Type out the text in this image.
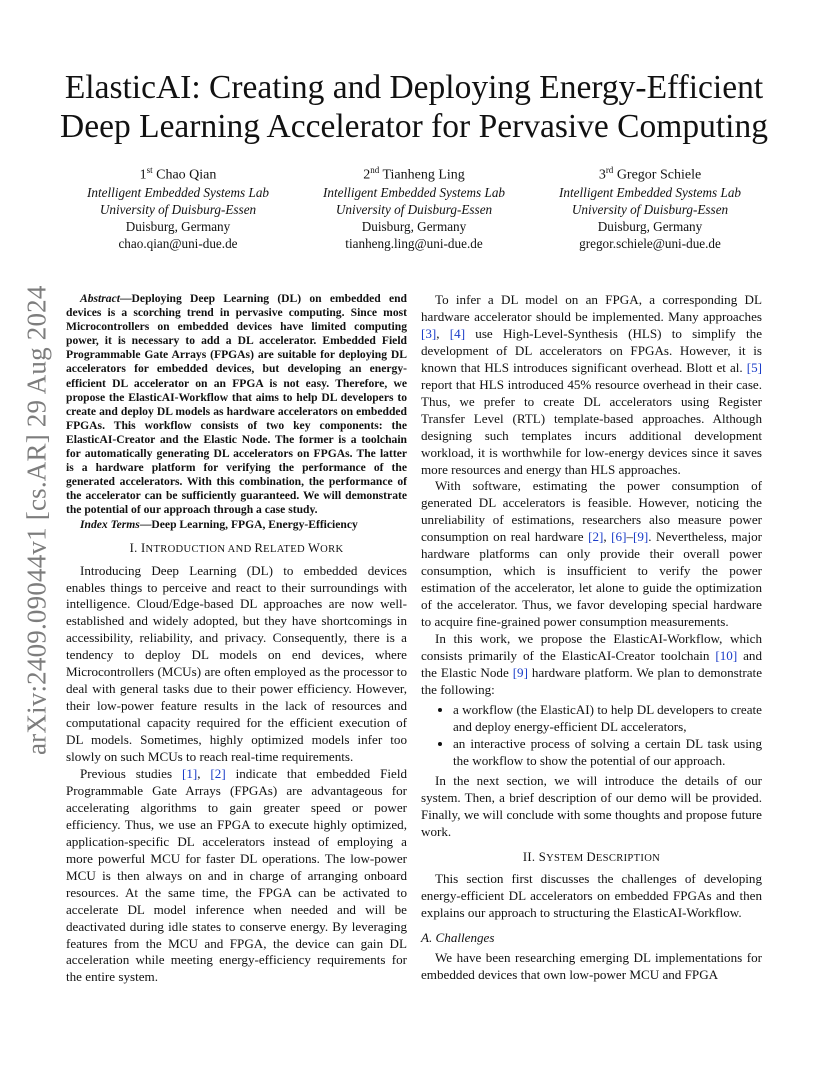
arXiv:2409.09044v1 [cs.AR] 29 Aug 2024
ElasticAI: Creating and Deploying Energy-Efficient Deep Learning Accelerator for Pervasive Computing
1st Chao Qian
Intelligent Embedded Systems Lab
University of Duisburg-Essen
Duisburg, Germany
chao.qian@uni-due.de
2nd Tianheng Ling
Intelligent Embedded Systems Lab
University of Duisburg-Essen
Duisburg, Germany
tianheng.ling@uni-due.de
3rd Gregor Schiele
Intelligent Embedded Systems Lab
University of Duisburg-Essen
Duisburg, Germany
gregor.schiele@uni-due.de

Abstract—Deploying Deep Learning (DL) on embedded end devices is a scorching trend in pervasive computing. Since most Microcontrollers on embedded devices have limited computing power, it is necessary to add a DL accelerator. Embedded Field Programmable Gate Arrays (FPGAs) are suitable for deploying DL accelerators for embedded devices, but developing an energy-efficient DL accelerator on an FPGA is not easy. Therefore, we propose the ElasticAI-Workflow that aims to help DL developers to create and deploy DL models as hardware accelerators on embedded FPGAs. This workflow consists of two key components: the ElasticAI-Creator and the Elastic Node. The former is a toolchain for automatically generating DL accelerators on FPGAs. The latter is a hardware platform for verifying the performance of the generated accelerators. With this combination, the performance of the accelerator can be sufficiently guaranteed. We will demonstrate the potential of our approach through a case study.

Index Terms—Deep Learning, FPGA, Energy-Efficiency

I. INTRODUCTION AND RELATED WORK

Introducing Deep Learning (DL) to embedded devices enables things to perceive and react to their surroundings with intelligence. Cloud/Edge-based DL approaches are now well-established and widely adopted, but they have shortcomings in accessibility, reliability, and privacy. Consequently, there is a tendency to deploy DL models on end devices, where Microcontrollers (MCUs) are often employed as the processor to deal with general tasks due to their power efficiency. However, their low-power feature results in the lack of resources and computational capacity required for the efficient execution of DL models. Sometimes, highly optimized models infer too slowly on such MCUs to reach real-time requirements.

Previous studies [1], [2] indicate that embedded Field Programmable Gate Arrays (FPGAs) are advantageous for accelerating algorithms to gain greater speed or power efficiency. Thus, we use an FPGA to execute highly optimized, application-specific DL accelerators instead of employing a more powerful MCU for faster DL operations. The low-power MCU is then always on and in charge of arranging onboard resources. At the same time, the FPGA can be activated to accelerate DL model inference when needed and will be deactivated during idle states to conserve energy. By leveraging features from the MCU and FPGA, the device can gain DL acceleration while meeting energy-efficiency requirements for the entire system.

To infer a DL model on an FPGA, a corresponding DL hardware accelerator should be implemented. Many approaches [3], [4] use High-Level-Synthesis (HLS) to simplify the development of DL accelerators on FPGAs. However, it is known that HLS introduces significant overhead. Blott et al. [5] report that HLS introduced 45% resource overhead in their case. Thus, we prefer to create DL accelerators using Register Transfer Level (RTL) template-based approaches. Although designing such templates incurs additional development workload, it is worthwhile for low-energy devices since it saves more resources and energy than HLS approaches.

With software, estimating the power consumption of generated DL accelerators is feasible. However, noticing the unreliability of estimations, researchers also measure power consumption on real hardware [2], [6]–[9]. Nevertheless, major hardware platforms can only provide their overall power consumption, which is insufficient to verify the power estimation of the accelerator, let alone to guide the optimization of the accelerator. Thus, we favor developing special hardware to acquire fine-grained power consumption measurements.

In this work, we propose the ElasticAI-Workflow, which consists primarily of the ElasticAI-Creator toolchain [10] and the Elastic Node [9] hardware platform. We plan to demonstrate the following:

• a workflow (the ElasticAI) to help DL developers to create and deploy energy-efficient DL accelerators,
• an interactive process of solving a certain DL task using the workflow to show the potential of our approach.

In the next section, we will introduce the details of our system. Then, a brief description of our demo will be provided. Finally, we will conclude with some thoughts and propose future work.

II. SYSTEM DESCRIPTION

This section first discusses the challenges of developing energy-efficient DL accelerators on embedded FPGAs and then explains our approach to structuring the ElasticAI-Workflow.

A. Challenges

We have been researching emerging DL implementations for embedded devices that own low-power MCU and FPGA
